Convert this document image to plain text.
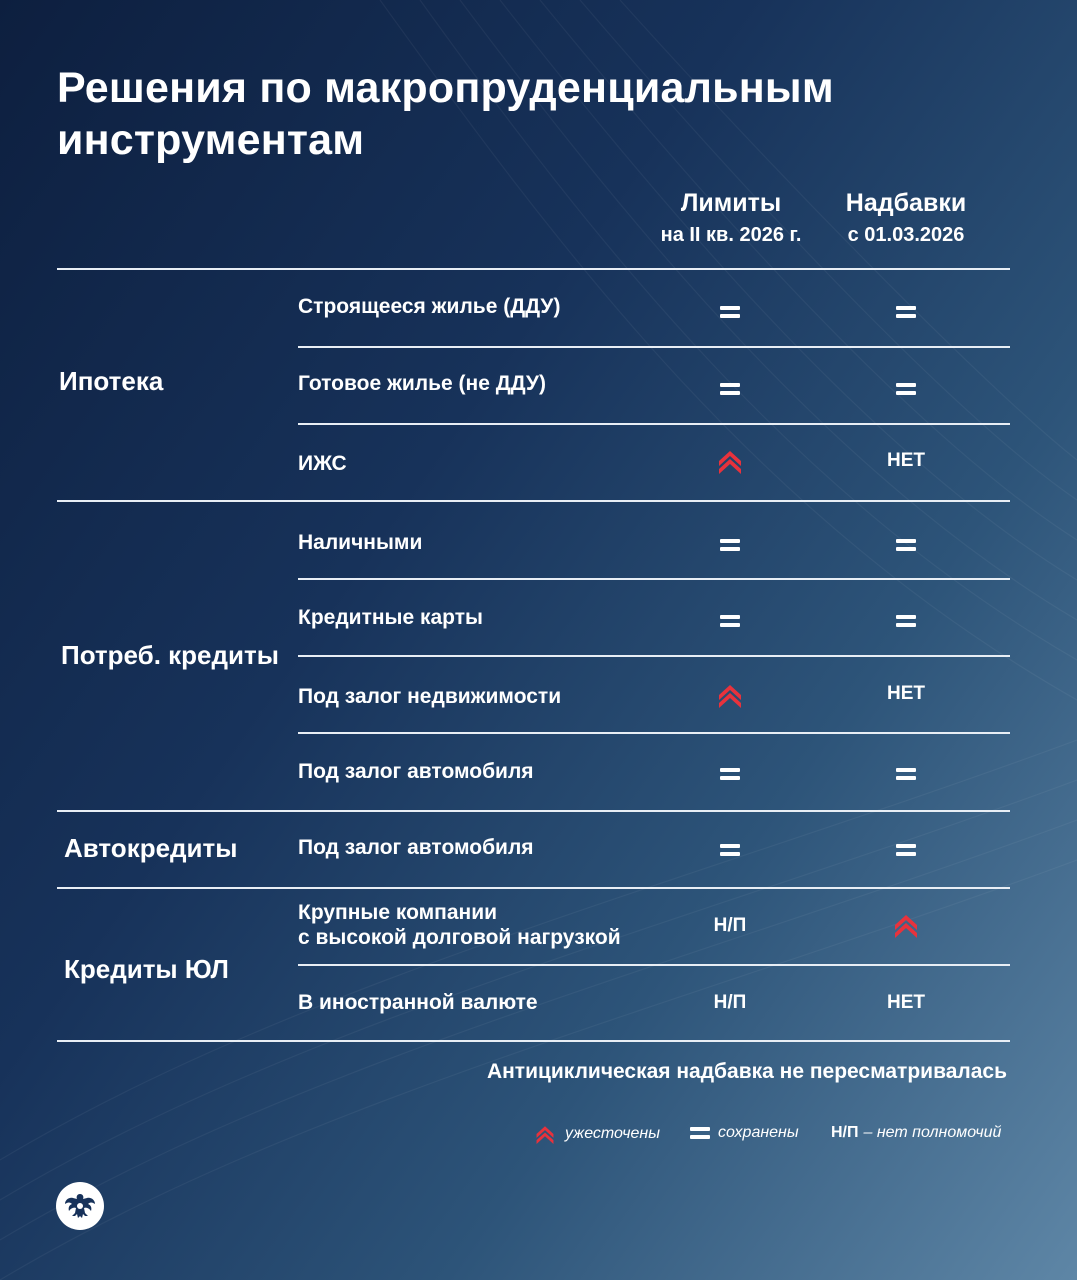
Решения по макропруденциальным инструментам
Лимиты
на II кв. 2026 г.
Надбавки
с 01.03.2026
Ипотека
Потреб. кредиты
Автокредиты
Кредиты ЮЛ
Строящееся жилье (ДДУ)
Готовое жилье (не ДДУ)
ИЖС
Наличными
Кредитные карты
Под залог недвижимости
Под залог автомобиля
Под залог автомобиля
Крупные компании
с высокой долговой нагрузкой
В иностранной валюте
Н/П
Н/П
НЕТ
НЕТ
НЕТ
Антициклическая надбавка не пересматривалась
ужесточены	сохранены Н/П – нет полномочий
